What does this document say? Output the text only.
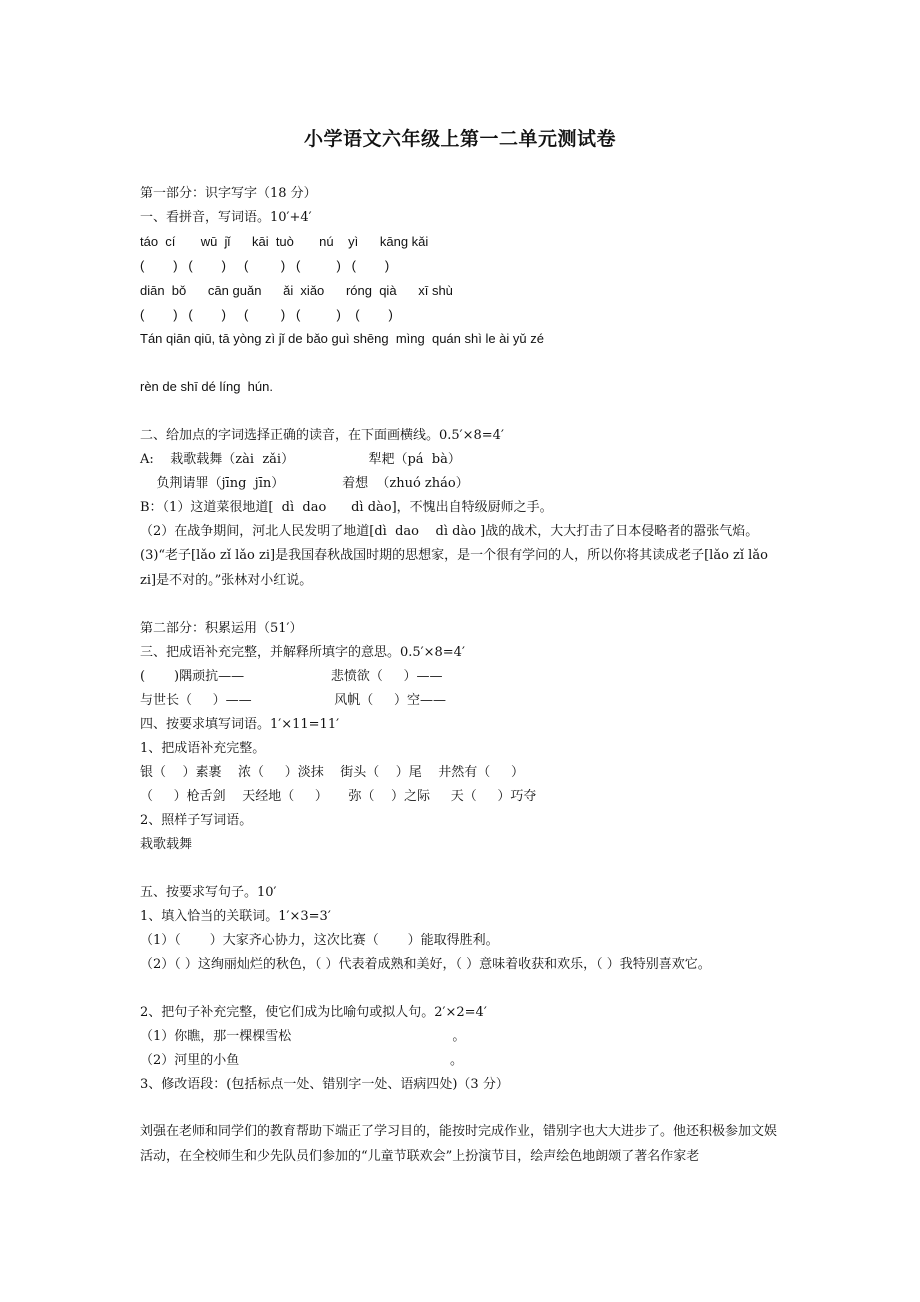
小学语文六年级上第一二单元测试卷
第一部分：识字写字（18 分）
一、看拼音，写词语。10′+4′
táo  cí       wū  jǐ      kāi  tuò       nú    yì      kāng kǎi
(        )   (        )     (         )   (          )   (        )
diān  bǒ      cān guǎn      ǎi  xiǎo      róng  qià      xī shù
(        )   (        )     (         )   (          )    (        )
Tán qiān qiū, tā yòng zì jǐ de bǎo guì shēng  mìng  quán shì le ài yǔ zé
rèn de shī dé líng  hún.
二、给加点的字词选择正确的读音，在下面画横线。0.5′×8=4′
A:    栽歌载舞（zài  zǎi）                  犁耙（pá  bà）
负荆请罪（jīng  jīn）              着想  （zhuó zháo）
B：（1）这道菜很地道[  dì  dao      dì dào]，不愧出自特级厨师之手。
（2）在战争期间，河北人民发明了地道[dì  dao    dì dào ]战的战术，大大打击了日本侵略者的嚣张气焰。
(3)“老子[lǎo zǐ lǎo zi]是我国春秋战国时期的思想家，是一个很有学问的人，所以你将其读成老子[lǎo zǐ lǎo zi]是不对的。”张林对小红说。
第二部分：积累运用（51′）
三、把成语补充完整，并解释所填字的意思。0.5′×8=4′
(       )隅顽抗——                     悲愤欲（     ）——
与世长（     ）——                    风帆（     ）空——
四、按要求填写词语。1′×11=11′
1、把成语补充完整。
银（    ）素裹    浓（     ）淡抹    街头（    ）尾    井然有（     ）
（     ）枪舌剑    天经地（     ）     弥（    ）之际     天（     ）巧夺
2、照样子写词语。
栽歌载舞
五、按要求写句子。10′
1、填入恰当的关联词。1′×3=3′
（1）（       ）大家齐心协力，这次比赛（       ）能取得胜利。
（2）（ ）这绚丽灿烂的秋色，（ ）代表着成熟和美好，（ ）意味着收获和欢乐，（ ）我特别喜欢它。
2、把句子补充完整，使它们成为比喻句或拟人句。2′×2=4′
（1）你瞧，那一棵棵雪松                                       。
（2）河里的小鱼                                                   。
3、修改语段：(包括标点一处、错别字一处、语病四处)（3 分）
刘强在老师和同学们的教育帮助下端正了学习目的，能按时完成作业，错别字也大大进步了。他还积极参加文娱活动，在全校师生和少先队员们参加的“儿童节联欢会”上扮演节目，绘声绘色地朗颂了著名作家老
